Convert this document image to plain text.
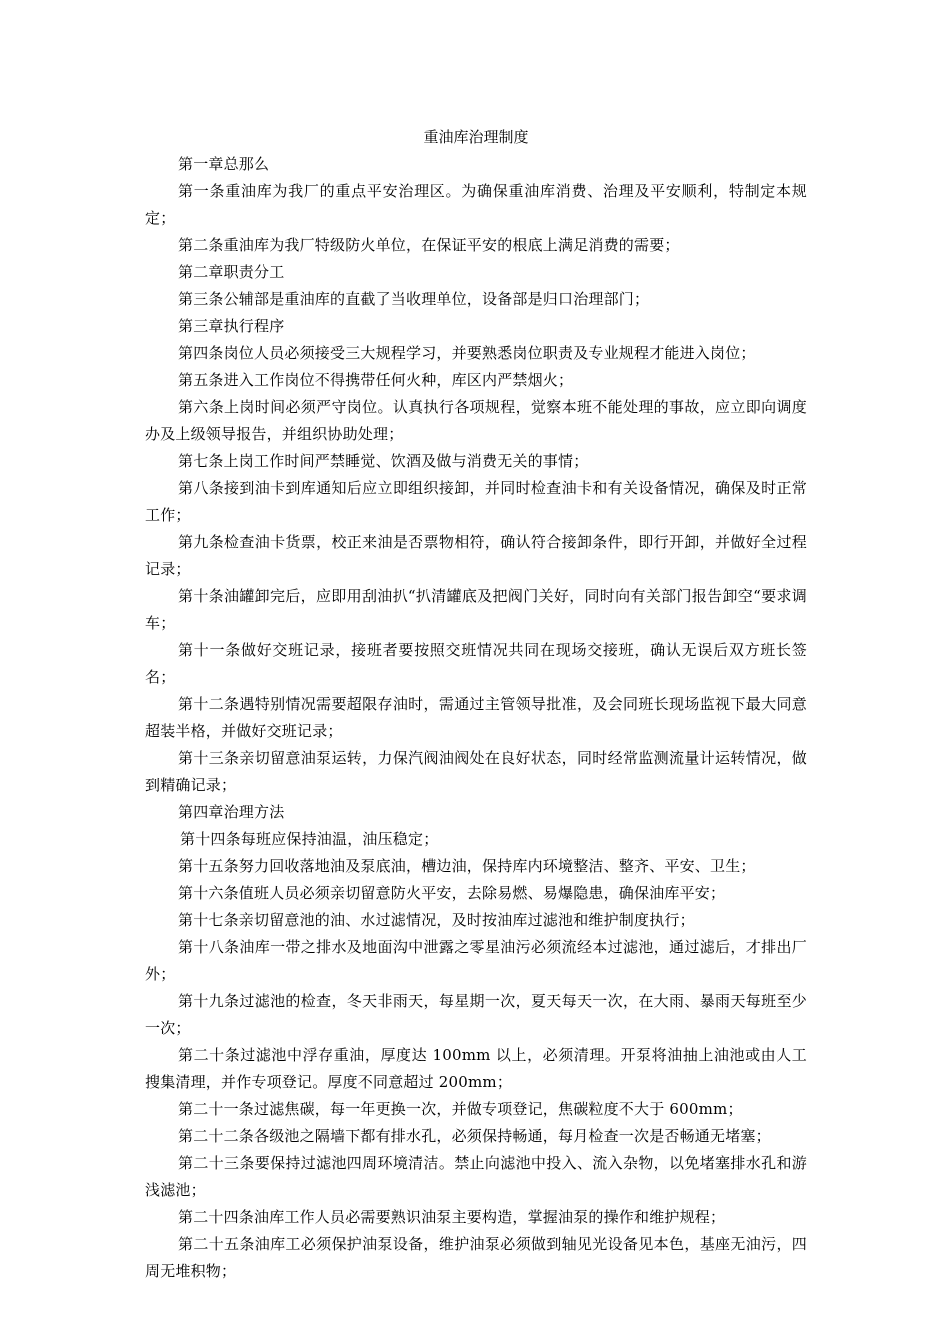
重油库治理制度

第一章总那么

第一条重油库为我厂的重点平安治理区。为确保重油库消费、治理及平安顺利，特制定本规定；

第二条重油库为我厂特级防火单位，在保证平安的根底上满足消费的需要；

第二章职责分工

第三条公辅部是重油库的直截了当收理单位，设备部是归口治理部门；

第三章执行程序

第四条岗位人员必须接受三大规程学习，并要熟悉岗位职责及专业规程才能进入岗位；

第五条进入工作岗位不得携带任何火种，库区内严禁烟火；

第六条上岗时间必须严守岗位。认真执行各项规程，觉察本班不能处理的事故，应立即向调度办及上级领导报告，并组织协助处理；

第七条上岗工作时间严禁睡觉、饮酒及做与消费无关的事情；

第八条接到油卡到库通知后应立即组织接卸，并同时检查油卡和有关设备情况，确保及时正常工作；

第九条检查油卡货票，校正来油是否票物相符，确认符合接卸条件，即行开卸，并做好全过程记录；

第十条油罐卸完后，应即用刮油扒“扒清罐底及把阀门关好，同时向有关部门报告卸空“要求调车；

第十一条做好交班记录，接班者要按照交班情况共同在现场交接班，确认无误后双方班长签名；

第十二条遇特别情况需要超限存油时，需通过主管领导批准，及会同班长现场监视下最大同意超装半格，并做好交班记录；

第十三条亲切留意油泵运转，力保汽阀油阀处在良好状态，同时经常监测流量计运转情况，做到精确记录；

第四章治理方法

第十四条每班应保持油温，油压稳定；

第十五条努力回收落地油及泵底油，槽边油，保持库内环境整洁、整齐、平安、卫生；

第十六条值班人员必须亲切留意防火平安，去除易燃、易爆隐患，确保油库平安；

第十七条亲切留意池的油、水过滤情况，及时按油库过滤池和维护制度执行；

第十八条油库一带之排水及地面沟中泄露之零星油污必须流经本过滤池，通过滤后，才排出厂外；

第十九条过滤池的检查，冬天非雨天，每星期一次，夏天每天一次，在大雨、暴雨天每班至少一次；

第二十条过滤池中浮存重油，厚度达 100mm 以上，必须清理。开泵将油抽上油池或由人工搜集清理，并作专项登记。厚度不同意超过 200mm；

第二十一条过滤焦碳，每一年更换一次，并做专项登记，焦碳粒度不大于 600mm；

第二十二条各级池之隔墙下都有排水孔，必须保持畅通，每月检查一次是否畅通无堵塞；

第二十三条要保持过滤池四周环境清洁。禁止向滤池中投入、流入杂物，以免堵塞排水孔和游浅滤池；

第二十四条油库工作人员必需要熟识油泵主要构造，掌握油泵的操作和维护规程；

第二十五条油库工必须保护油泵设备，维护油泵必须做到轴见光设备见本色，基座无油污，四周无堆积物；
